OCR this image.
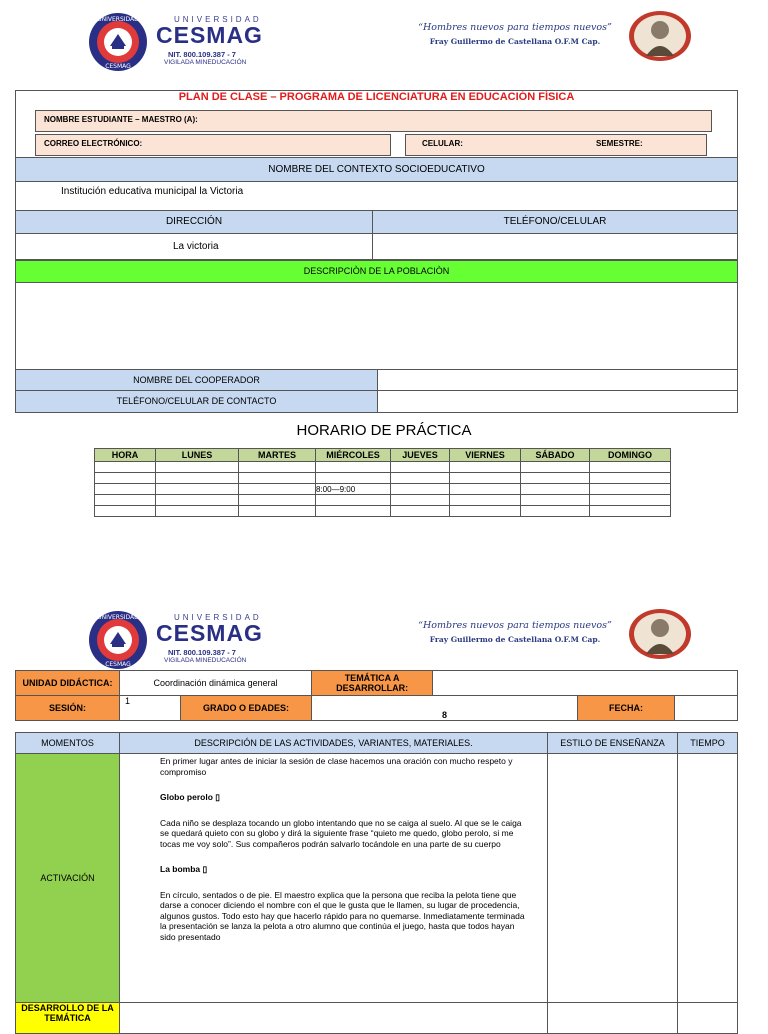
UNIVERSIDAD
CESMAG
UNIVERSIDAD
CESMAG
NIT. 800.109.387 - 7
VIGILADA MINEDUCACIÓN
“Hombres nuevos para tiempos nuevos”
Fray Guillermo de Castellana O.F.M Cap.
PLAN DE CLASE – PROGRAMA DE LICENCIATURA EN EDUCACIÓN FÍSICA
NOMBRE ESTUDIANTE – MAESTRO (A):
CORREO ELECTRÓNICO:	CELULAR:	SEMESTRE:
NOMBRE DEL CONTEXTO SOCIOEDUCATIVO
Institución educativa municipal la Victoria
DIRECCIÓN	TELÉFONO/CELULAR
La victoria
DESCRIPCIÒN DE LA POBLACIÒN
NOMBRE DEL COOPERADOR
TELÉFONO/CELULAR DE CONTACTO
HORARIO DE PRÁCTICA
HORA	LUNES	MARTES	MIÉRCOLES	JUEVES	VIERNES	SÁBADO	DOMINGO

			8:00—9:00				

UNIVERSIDAD
CESMAG
UNIVERSIDAD
CESMAG
NIT. 800.109.387 - 7
VIGILADA MINEDUCACIÓN
“Hombres nuevos para tiempos nuevos”
Fray Guillermo de Castellana O.F.M Cap.
UNIDAD DIDÁCTICA:	Coordinación dinámica general		TEMÁTICA A DESARROLLAR:			
SESIÓN:	1	GRADO O EDADES:	8		FECHA:	
MOMENTOS	DESCRIPCIÓN DE LAS ACTIVIDADES, VARIANTES, MATERIALES.	ESTILO DE ENSEÑANZA	TIEMPO
ACTIVACIÓN	En primer lugar antes de iniciar la sesión de clase hacemos una oración con mucho respeto y compromiso

Globo perolo ▯

Cada niño se desplaza tocando un globo intentando que no se caiga al suelo. Al que se le caiga se quedará quieto con su globo y dirá la siguiente frase “quieto me quedo, globo perolo, si me tocas me voy solo”. Sus compañeros podrán salvarlo tocándole en una parte de su cuerpo

La bomba ▯

En círculo, sentados o de pie. El maestro explica que la persona que reciba la pelota tiene que darse a conocer diciendo el nombre con el que le gusta que le llamen, su lugar de procedencia, algunos gustos. Todo esto hay que hacerlo rápido para no quemarse. Inmediatamente terminada la presentación se lanza la pelota a otro alumno que continúa el juego, hasta que todos hayan sido presentado		

DESARROLLO DE LA TEMÁTICA			
